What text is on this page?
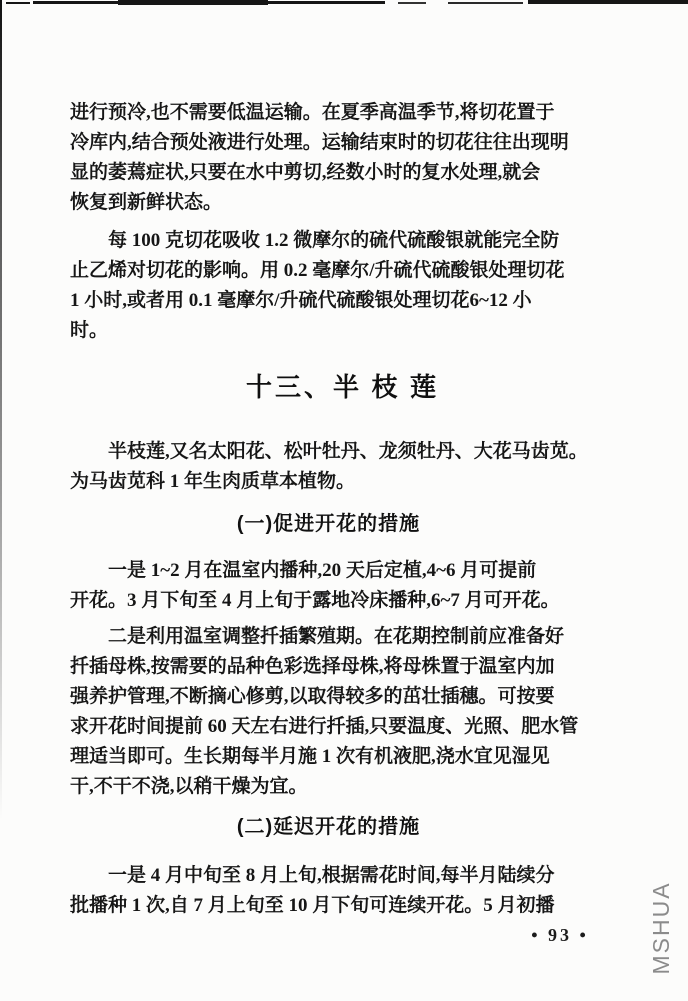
进行预冷,也不需要低温运输。在夏季高温季节,将切花置于
冷库内,结合预处液进行处理。运输结束时的切花往往出现明
显的萎蔫症状,只要在水中剪切,经数小时的复水处理,就会
恢复到新鲜状态。
每 100 克切花吸收 1.2 微摩尔的硫代硫酸银就能完全防
止乙烯对切花的影响。用 0.2 毫摩尔/升硫代硫酸银处理切花
1 小时,或者用 0.1 毫摩尔/升硫代硫酸银处理切花6~12 小
时。
十三、半 枝 莲
半枝莲,又名太阳花、松叶牡丹、龙须牡丹、大花马齿苋。
为马齿苋科 1 年生肉质草本植物。
(一)促进开花的措施
一是 1~2 月在温室内播种,20 天后定植,4~6 月可提前
开花。3 月下旬至 4 月上旬于露地冷床播种,6~7 月可开花。
二是利用温室调整扦插繁殖期。在花期控制前应准备好
扦插母株,按需要的品种色彩选择母株,将母株置于温室内加
强养护管理,不断摘心修剪,以取得较多的茁壮插穗。可按要
求开花时间提前 60 天左右进行扦插,只要温度、光照、肥水管
理适当即可。生长期每半月施 1 次有机液肥,浇水宜见湿见
干,不干不浇,以稍干燥为宜。
(二)延迟开花的措施
一是 4 月中旬至 8 月上旬,根据需花时间,每半月陆续分
批播种 1 次,自 7 月上旬至 10 月下旬可连续开花。5 月初播
• 93 •	MSHUA
